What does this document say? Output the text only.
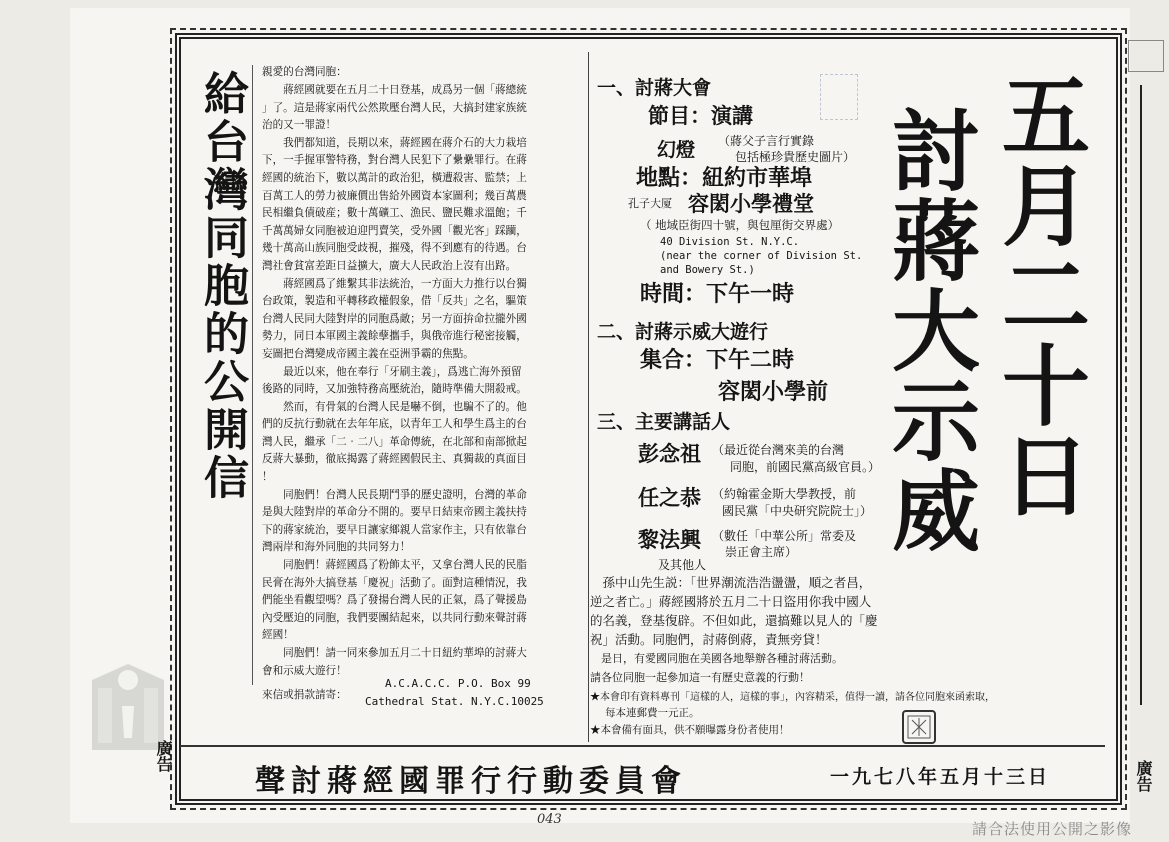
給台灣同胞的公開信 親愛的台灣同胞：
　　蔣經國就要在五月二十日登基，成爲另一個「蔣總統
」了。這是蔣家兩代公然欺壓台灣人民，大搞封建家族統
治的又一罪證！
　　我們都知道，長期以來，蔣經國在蔣介石的大力栽培
下，一手握軍警特務，對台灣人民犯下了纍纍罪行。在蔣
經國的統治下，數以萬計的政治犯，橫遭殺害、監禁；上
百萬工人的勞力被廉價出售給外國資本家圖利；幾百萬農
民相繼負債破産；數十萬礦工、漁民、鹽民難求溫飽；千
千萬萬婦女同胞被迫迎門賣笑，受外國「觀光客」踩躪，
幾十萬高山族同胞受歧視，摧殘，得不到應有的待遇。台
灣社會貧富差距日益擴大，廣大人民政治上沒有出路。
　　蔣經國爲了維繫其非法統治，一方面大力推行以台獨
台政策，製造和平轉移政權假象，借「反共」之名，驅策
台灣人民同大陸對岸的同胞爲敵；另一方面拚命拉攏外國
勢力，同日本軍國主義餘孽攜手，與俄帝進行秘密接觸，
妄圖把台灣變成帝國主義在亞洲爭霸的焦點。
　　最近以來，他在奉行「牙刷主義」，爲逃亡海外預留
後路的同時，又加強特務高壓統治，隨時準備大開殺戒。
　　然而，有骨氣的台灣人民是嚇不倒，也騙不了的。他
們的反抗行動就在去年年底，以青年工人和學生爲主的台
灣人民，繼承「二‧二八」革命傳統，在北部和南部掀起
反蔣大暴動，徹底揭露了蔣經國假民主、真獨裁的真面目
！
　　同胞們！台灣人民長期鬥爭的歷史證明，台灣的革命
是與大陸對岸的革命分不開的。要早日結束帝國主義扶持
下的蔣家統治，要早日讓家鄉親人當家作主，只有依靠台
灣兩岸和海外同胞的共同努力！
　　同胞們！蔣經國爲了粉飾太平，又拿台灣人民的民脂
民膏在海外大搞登基「慶祝」活動了。面對這種情況，我
們能坐看觀望嗎？爲了發揚台灣人民的正氣，爲了聲援島
內受壓迫的同胞，我們要團結起來，以共同行動來聲討蔣
經國！
　　同胞們！請一同來參加五月二十日紐約華埠的討蔣大
會和示威大遊行！
來信或捐款請寄：
A.C.A.C.C. P.O. Box 99
Cathedral Stat. N.Y.C.10025
五月二十日
討蔣大示威
一、討蔣大會
節目：演講
幻燈 （蔣父子言行實錄
包括極珍貴歷史圖片）
地點：紐約市華埠
孔子大厦 容閎小學禮堂
（ 地域臣街四十號，與包厘街交界處）
40 Division St. N.Y.C.
(near the corner of Division St.
and Bowery St.)
時間：下午一時
二、討蔣示威大遊行
集合：下午二時
容閎小學前
三、主要講話人
彭念祖 （最近從台灣來美的台灣
同胞，前國民黨高級官員。）
任之恭 （約翰霍金斯大學教授，前
國民黨「中央研究院院士」）
黎法興 （數任「中華公所」常委及
崇正會主席）
及其他人
　孫中山先生説：「世界潮流浩浩盪盪，順之者昌，
逆之者亡。」蔣經國將於五月二十日盜用你我中國人
的名義，登基復辟。不但如此，還搞難以見人的「慶
祝」活動。同胞們，討蔣倒蔣，責無旁貸！
　是日，有愛國同胞在美國各地舉辦各種討蔣活動。
請各位同胞一起參加這一有歷史意義的行動！
★本會印有資料專刊「這樣的人，這樣的事」，內容精采，值得一讀，請各位同胞來函索取，
每本連郵費一元正。
★本會備有面具，供不願曝露身份者使用！
聲討蔣經國罪行行動委員會	一九七八年五月十三日
廣告
廣告
043
請合法使用公開之影像
